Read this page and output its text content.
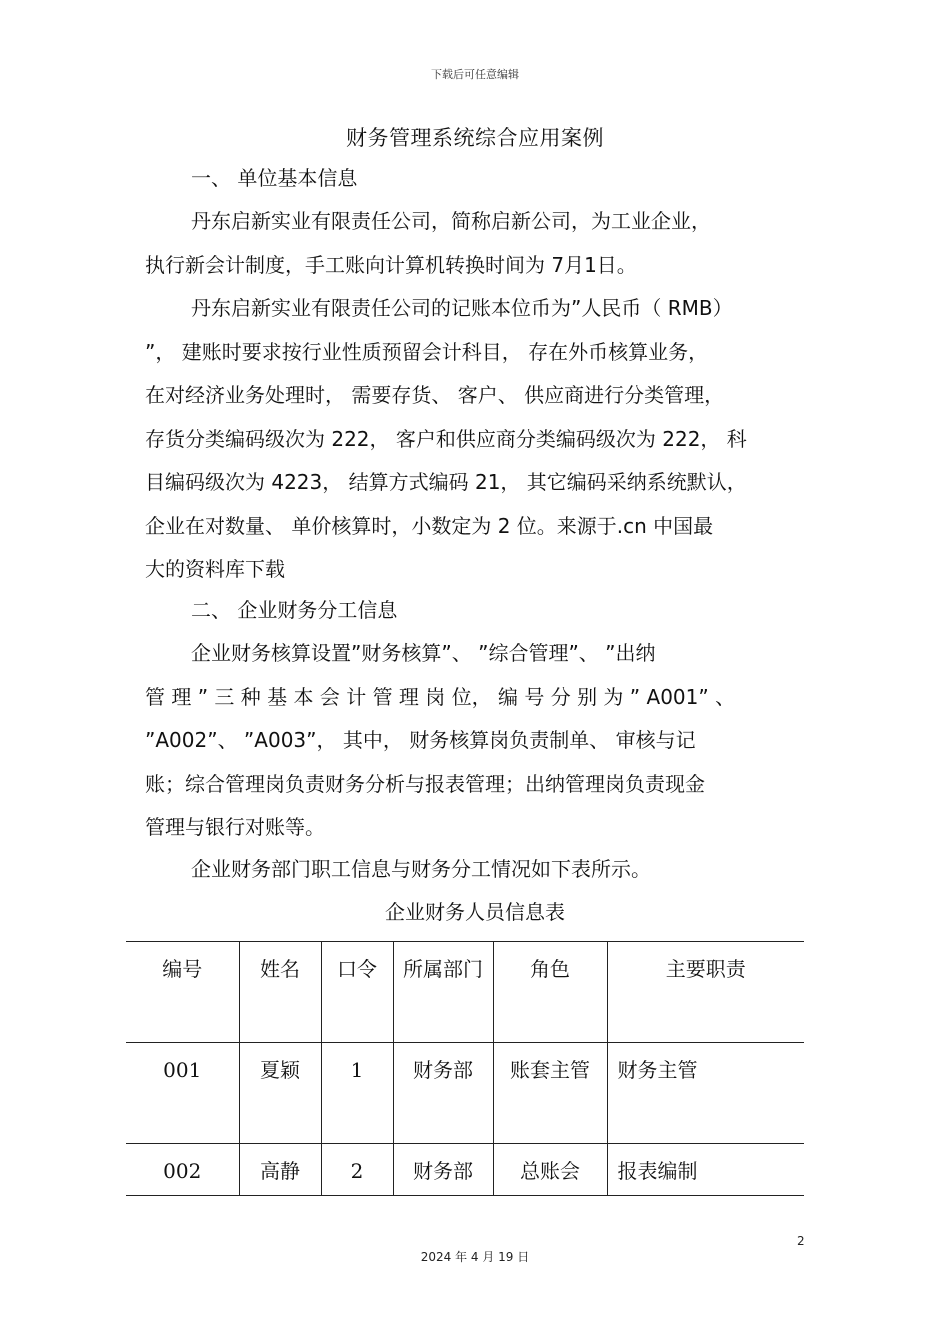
下载后可任意编辑
财务管理系统综合应用案例
一、 单位基本信息
丹东启新实业有限责任公司，简称启新公司，为工业企业，
执行新会计制度，手工账向计算机转换时间为 7月1日。
丹东启新实业有限责任公司的记账本位币为”人民币（ RMB）
”， 建账时要求按行业性质预留会计科目， 存在外币核算业务，
在对经济业务处理时， 需要存货、 客户、 供应商进行分类管理，
存货分类编码级次为 222， 客户和供应商分类编码级次为 222， 科
目编码级次为 4223， 结算方式编码 21， 其它编码采纳系统默认，
企业在对数量、 单价核算时，小数定为 2 位。来源于.cn 中国最
大的资料库下载
二、 企业财务分工信息
企业财务核算设置”财务核算”、 ”综合管理”、 ”出纳
管 理 ” 三 种 基 本 会 计 管 理 岗 位， 编 号 分 别 为 ” A001” 、
”A002”、 ”A003”， 其中， 财务核算岗负责制单、 审核与记
账；综合管理岗负责财务分析与报表管理；出纳管理岗负责现金
管理与银行对账等。
企业财务部门职工信息与财务分工情况如下表所示。
企业财务人员信息表
编号	姓名	口令	所属部门	角色	主要职责
001	夏颖	1	财务部	账套主管	财务主管
002	高静	2	财务部	总账会	报表编制
2
2024 年 4 月 19 日
